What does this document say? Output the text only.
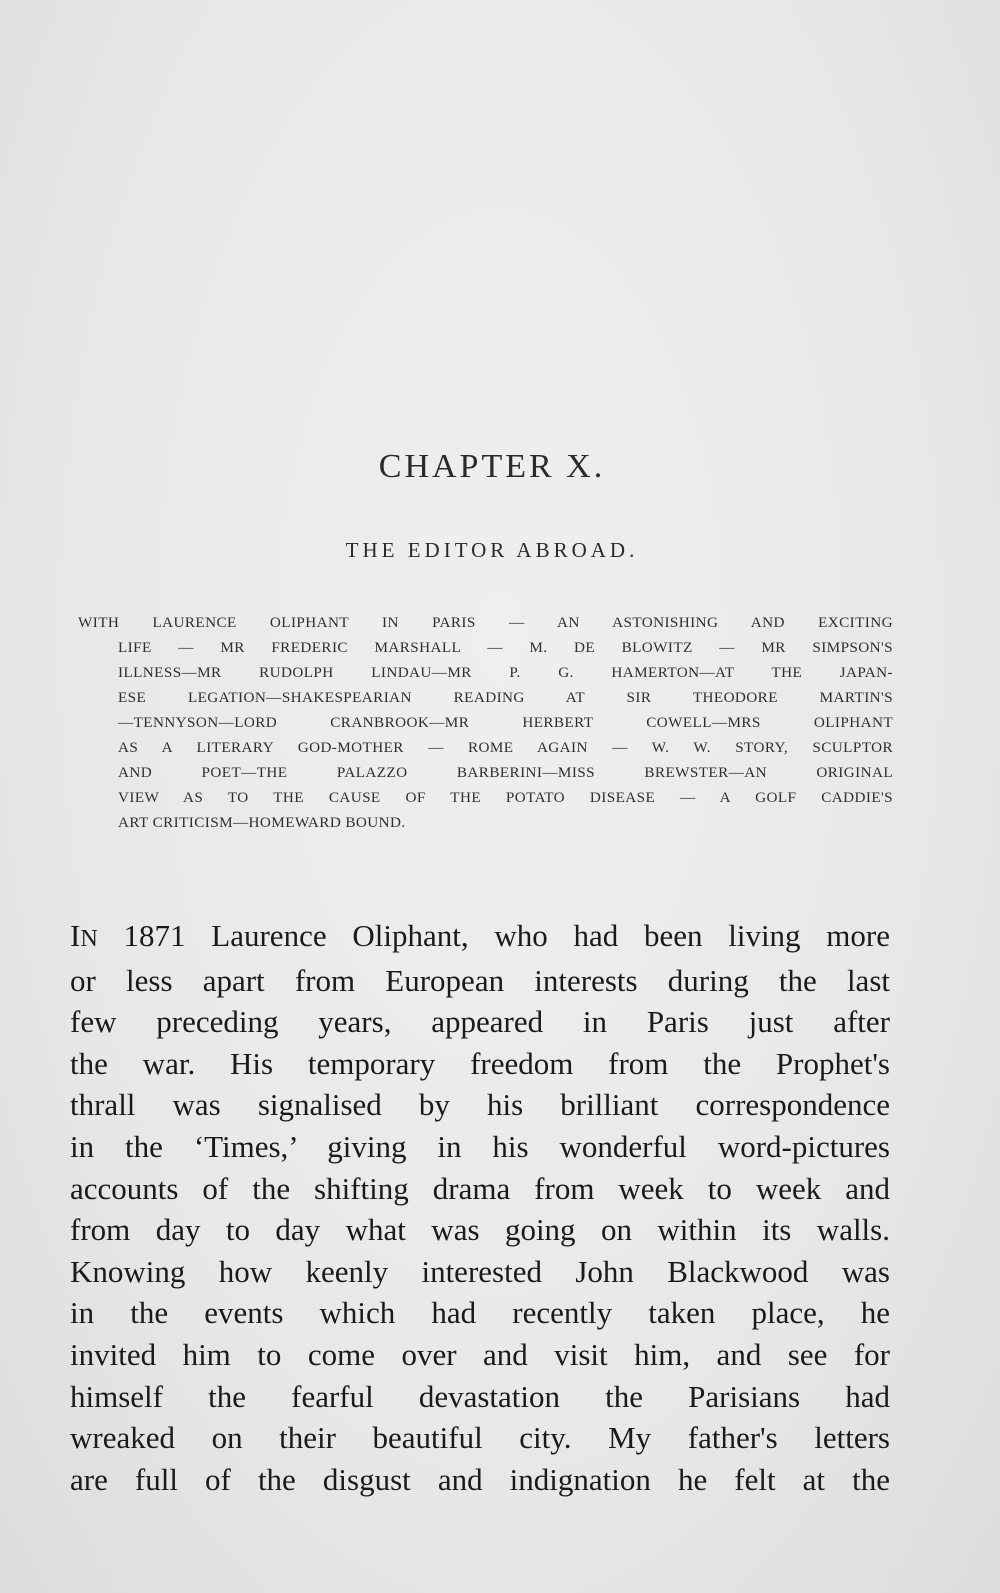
CHAPTER X.
THE EDITOR ABROAD.
WITH LAURENCE OLIPHANT IN PARIS — AN ASTONISHING AND EXCITING
LIFE — MR FREDERIC MARSHALL — M. DE BLOWITZ — MR SIMPSON'S
ILLNESS—MR RUDOLPH LINDAU—MR P. G. HAMERTON—AT THE JAPAN-
ESE LEGATION—SHAKESPEARIAN READING AT SIR THEODORE MARTIN'S
—TENNYSON—LORD CRANBROOK—MR HERBERT COWELL—MRS OLIPHANT
AS A LITERARY GOD-MOTHER — ROME AGAIN — W. W. STORY, SCULPTOR
AND POET—THE PALAZZO BARBERINI—MISS BREWSTER—AN ORIGINAL
VIEW AS TO THE CAUSE OF THE POTATO DISEASE — A GOLF CADDIE'S
ART CRITICISM—HOMEWARD BOUND.
IN 1871 Laurence Oliphant, who had been living more
or less apart from European interests during the last
few preceding years, appeared in Paris just after
the war. His temporary freedom from the Prophet's
thrall was signalised by his brilliant correspondence
in the ‘Times,’ giving in his wonderful word-pictures
accounts of the shifting drama from week to week and
from day to day what was going on within its walls.
Knowing how keenly interested John Blackwood was
in the events which had recently taken place, he
invited him to come over and visit him, and see for
himself the fearful devastation the Parisians had
wreaked on their beautiful city. My father's letters
are full of the disgust and indignation he felt at the
